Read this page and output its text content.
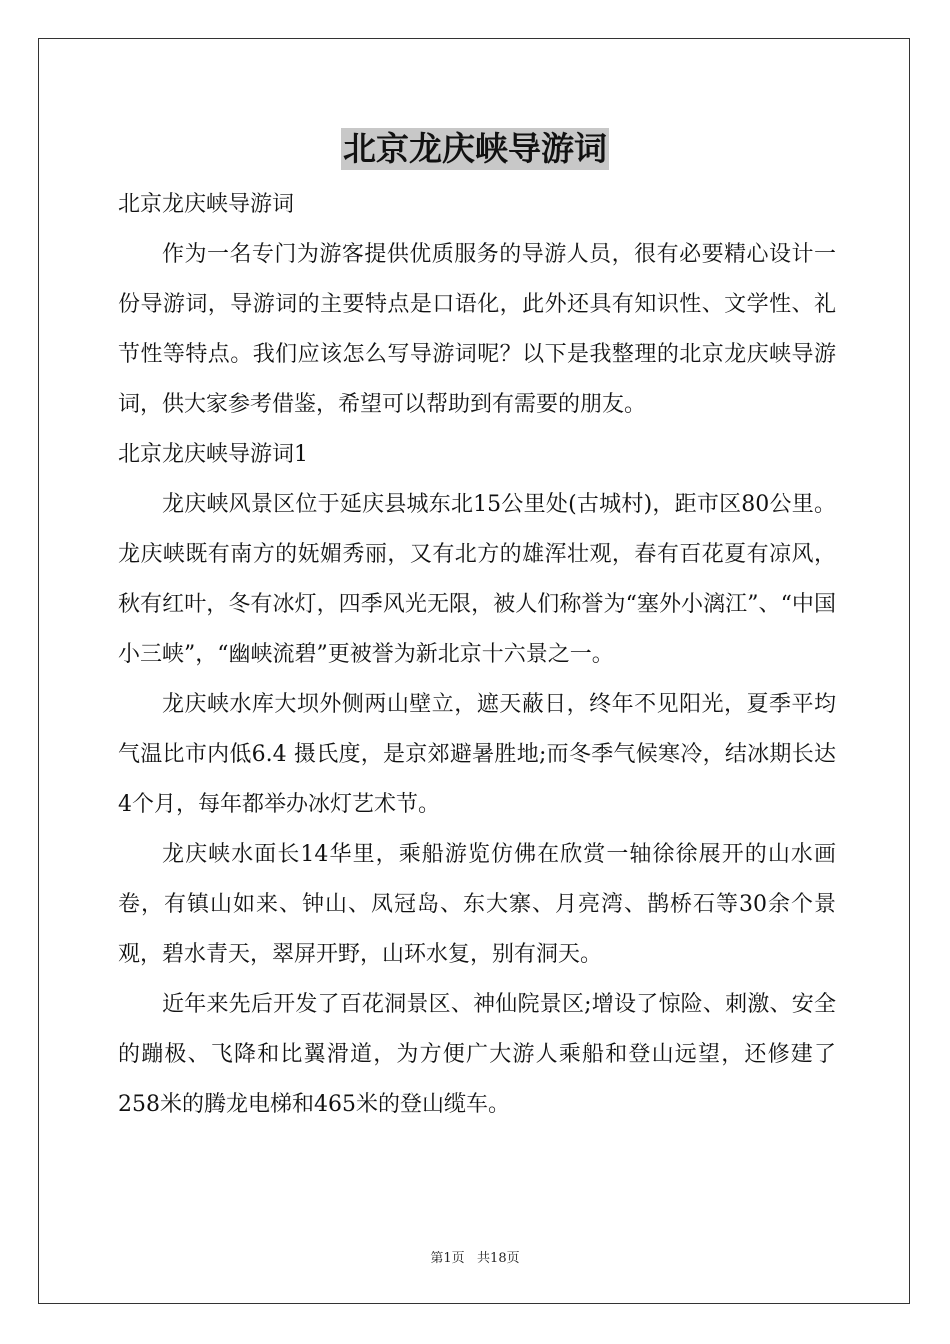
北京龙庆峡导游词

北京龙庆峡导游词

作为一名专门为游客提供优质服务的导游人员，很有必要精心设计一份导游词，导游词的主要特点是口语化，此外还具有知识性、文学性、礼节性等特点。我们应该怎么写导游词呢？以下是我整理的北京龙庆峡导游词，供大家参考借鉴，希望可以帮助到有需要的朋友。

北京龙庆峡导游词1

龙庆峡风景区位于延庆县城东北15公里处(古城村)，距市区80公里。龙庆峡既有南方的妩媚秀丽，又有北方的雄浑壮观，春有百花夏有凉风，秋有红叶，冬有冰灯，四季风光无限，被人们称誉为“塞外小漓江”、“中国小三峡”，“幽峡流碧”更被誉为新北京十六景之一。

龙庆峡水库大坝外侧两山壁立，遮天蔽日，终年不见阳光，夏季平均气温比市内低6.4 摄氏度，是京郊避暑胜地;而冬季气候寒冷，结冰期长达4个月，每年都举办冰灯艺术节。

龙庆峡水面长14华里，乘船游览仿佛在欣赏一轴徐徐展开的山水画卷，有镇山如来、钟山、凤冠岛、东大寨、月亮湾、鹊桥石等30余个景观，碧水青天，翠屏开野，山环水复，别有洞天。

近年来先后开发了百花洞景区、神仙院景区;增设了惊险、刺激、安全的蹦极、飞降和比翼滑道，为方便广大游人乘船和登山远望，还修建了258米的腾龙电梯和465米的登山缆车。

第1页   共18页
